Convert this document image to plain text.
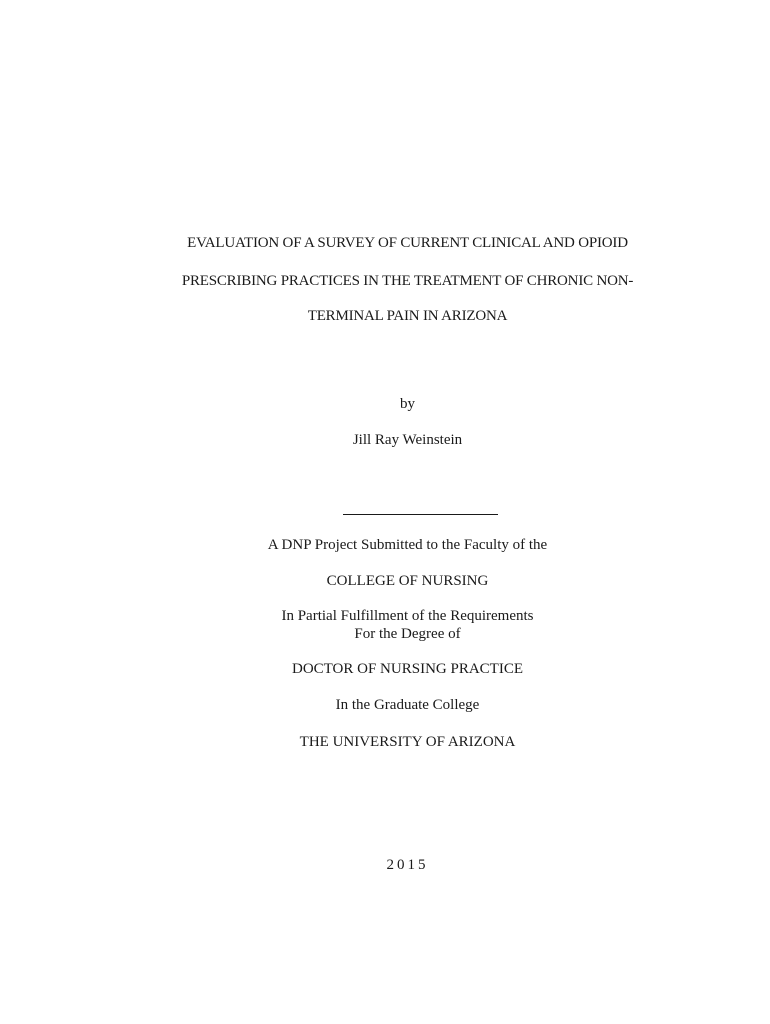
EVALUATION OF A SURVEY OF CURRENT CLINICAL AND OPIOID
PRESCRIBING PRACTICES IN THE TREATMENT OF CHRONIC NON-
TERMINAL PAIN IN ARIZONA
by
Jill Ray Weinstein
A DNP Project Submitted to the Faculty of the
COLLEGE OF NURSING
In Partial Fulfillment of the Requirements
For the Degree of
DOCTOR OF NURSING PRACTICE
In the Graduate College
THE UNIVERSITY OF ARIZONA
2015
